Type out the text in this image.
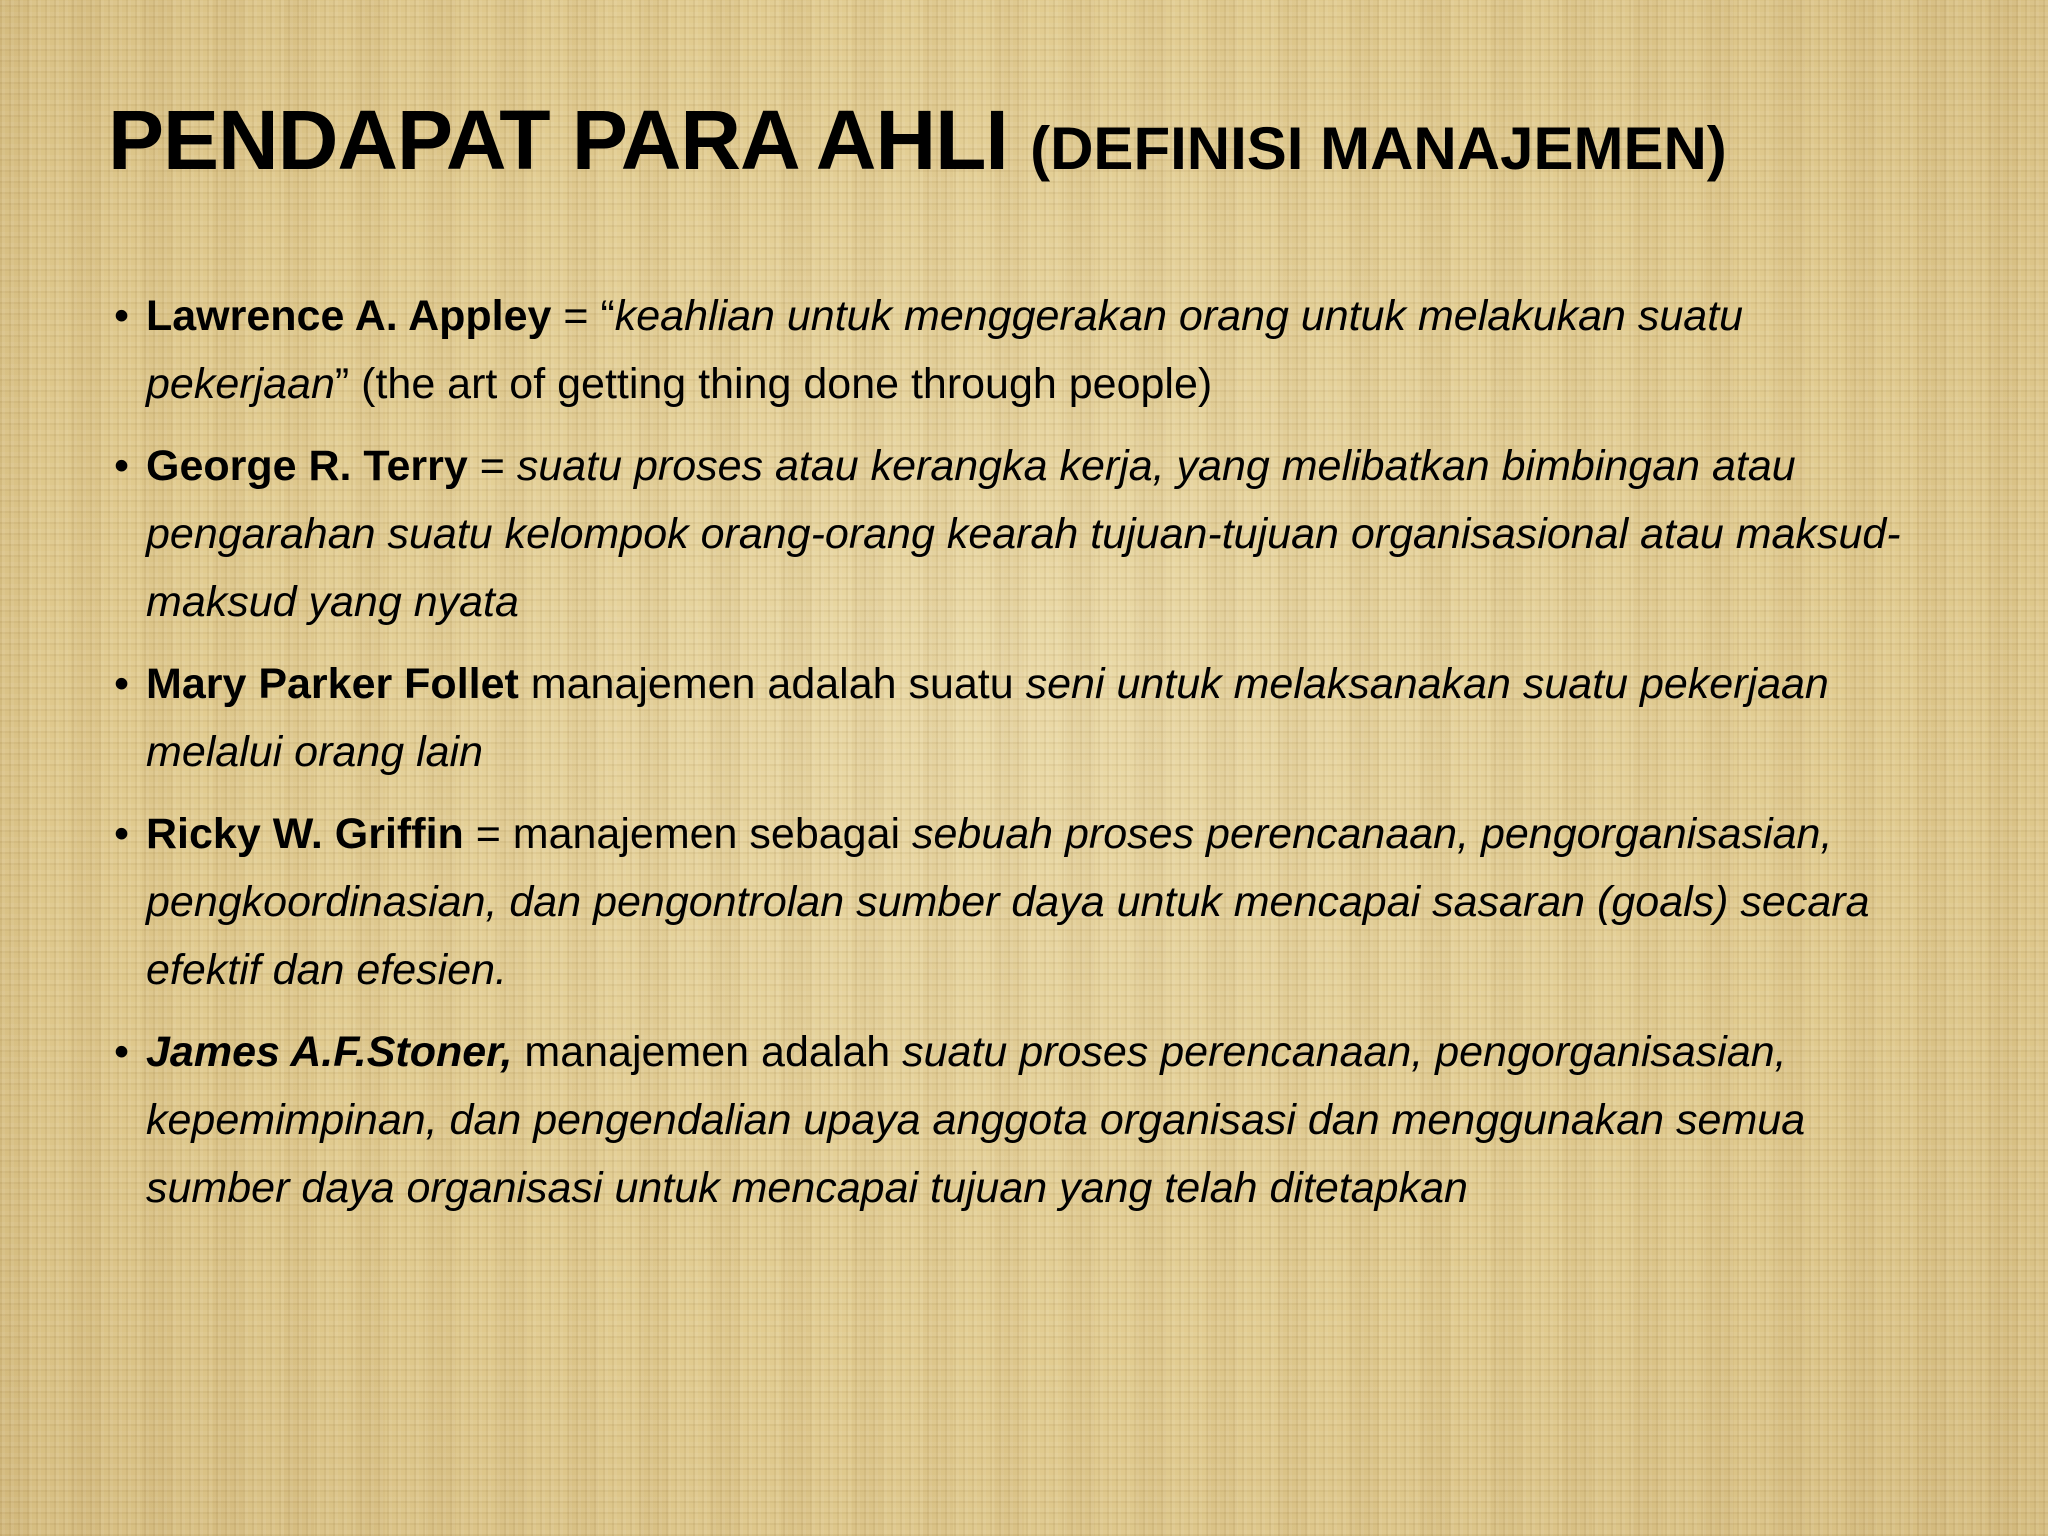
PENDAPAT PARA AHLI (DEFINISI MANAJEMEN)
• Lawrence A. Appley = “keahlian untuk menggerakan orang untuk melakukan suatu pekerjaan” (the art of getting thing done through people)
• George R. Terry = suatu proses atau kerangka kerja, yang melibatkan bimbingan atau pengarahan suatu kelompok orang-orang kearah tujuan-tujuan organisasional atau maksud-maksud yang nyata
• Mary Parker Follet manajemen adalah suatu seni untuk melaksanakan suatu pekerjaan melalui orang lain
• Ricky W. Griffin = manajemen sebagai sebuah proses perencanaan, pengorganisasian, pengkoordinasian, dan pengontrolan sumber daya untuk mencapai sasaran (goals) secara efektif dan efesien.
• James A.F.Stoner, manajemen adalah suatu proses perencanaan, pengorganisasian, kepemimpinan, dan pengendalian upaya anggota organisasi dan menggunakan semua sumber daya organisasi untuk mencapai tujuan yang telah ditetapkan
